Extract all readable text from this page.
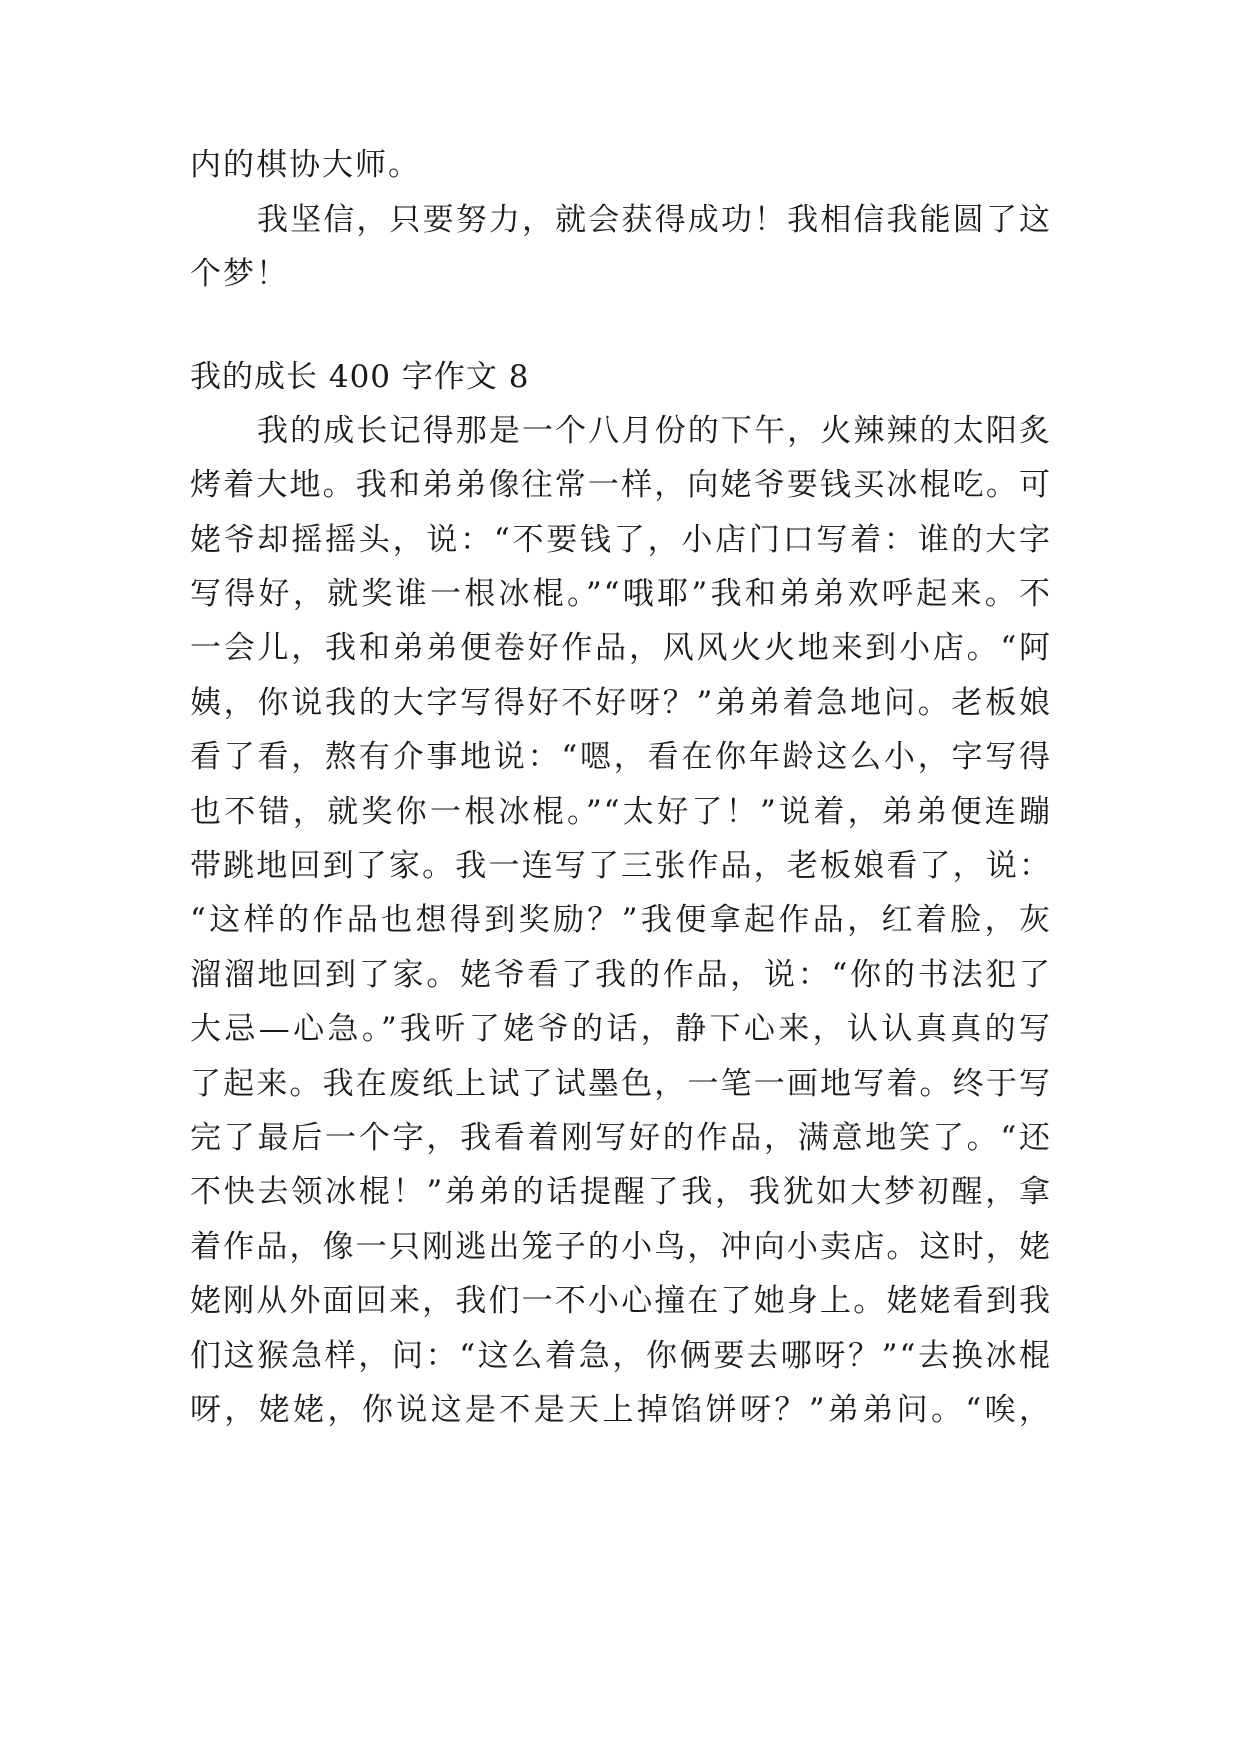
内的棋协大师。
我坚信，只要努力，就会获得成功！我相信我能圆了这
个梦！
我的成长 400 字作文 8
我的成长记得那是一个八月份的下午，火辣辣的太阳炙
烤着大地。我和弟弟像往常一样，向姥爷要钱买冰棍吃。可
姥爷却摇摇头，说：“不要钱了，小店门口写着：谁的大字
写得好，就奖谁一根冰棍。”“哦耶”我和弟弟欢呼起来。不
一会儿，我和弟弟便卷好作品，风风火火地来到小店。“阿
姨，你说我的大字写得好不好呀？”弟弟着急地问。老板娘
看了看，熬有介事地说：“嗯，看在你年龄这么小，字写得
也不错，就奖你一根冰棍。”“太好了！”说着，弟弟便连蹦
带跳地回到了家。我一连写了三张作品，老板娘看了，说：
“这样的作品也想得到奖励？”我便拿起作品，红着脸，灰
溜溜地回到了家。姥爷看了我的作品，说：“你的书法犯了
大忌—心急。”我听了姥爷的话，静下心来，认认真真的写
了起来。我在废纸上试了试墨色，一笔一画地写着。终于写
完了最后一个字，我看着刚写好的作品，满意地笑了。“还
不快去领冰棍！”弟弟的话提醒了我，我犹如大梦初醒，拿
着作品，像一只刚逃出笼子的小鸟，冲向小卖店。这时，姥
姥刚从外面回来，我们一不小心撞在了她身上。姥姥看到我
们这猴急样，问：“这么着急，你俩要去哪呀？”“去换冰棍
呀，姥姥，你说这是不是天上掉馅饼呀？”弟弟问。“唉，
